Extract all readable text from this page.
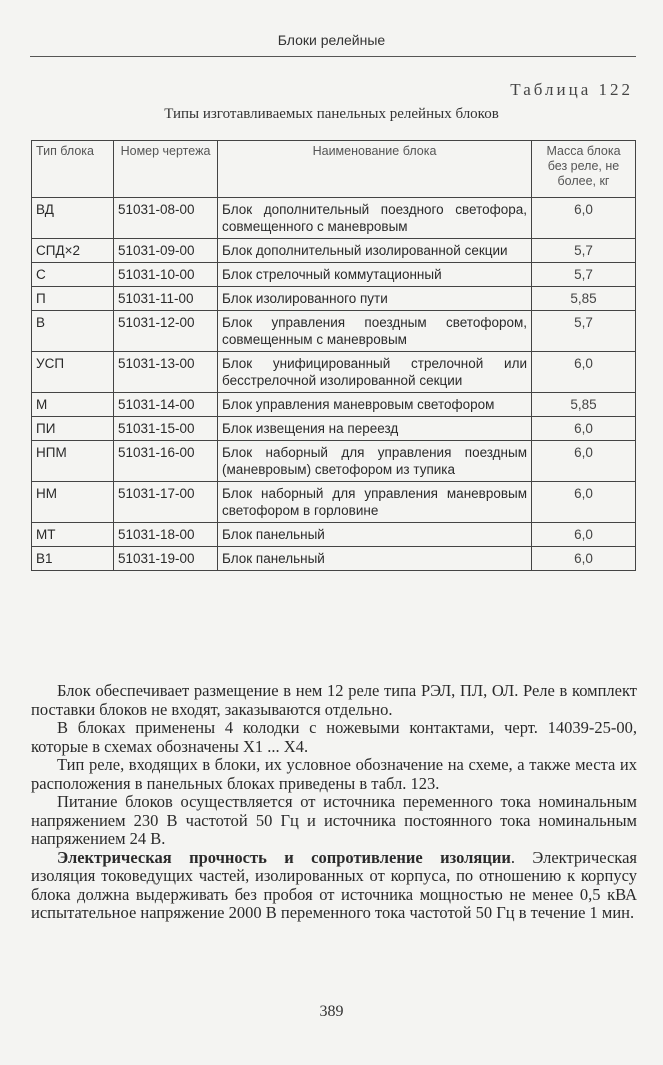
Блоки релейные
Таблица 122
Типы изготавливаемых панельных релейных блоков
Тип блока	Номер чертежа	Наименование блока	Масса блока без реле, не более, кг
ВД	51031-08-00	Блок дополнительный поездного светофора, совмещенного с маневровым	6,0
СПД×2	51031-09-00	Блок дополнительный изолированной секции	5,7
С	51031-10-00	Блок стрелочный коммутационный	5,7
П	51031-11-00	Блок изолированного пути	5,85
В	51031-12-00	Блок управления поездным светофором, совмещенным с маневровым	5,7
УСП	51031-13-00	Блок унифицированный стрелочной или бесстрелочной изолированной секции	6,0
М	51031-14-00	Блок управления маневровым светофором	5,85
ПИ	51031-15-00	Блок извещения на переезд	6,0
НПМ	51031-16-00	Блок наборный для управления поездным (маневровым) светофором из тупика	6,0
НМ	51031-17-00	Блок наборный для управления маневровым светофором в горловине	6,0
МТ	51031-18-00	Блок панельный	6,0
В1	51031-19-00	Блок панельный	6,0

Блок обеспечивает размещение в нем 12 реле типа РЭЛ, ПЛ, ОЛ. Реле в комплект поставки блоков не входят, заказываются отдельно.

В блоках применены 4 колодки с ножевыми контактами, черт. 14039-25-00, которые в схемах обозначены Х1 ... Х4.

Тип реле, входящих в блоки, их условное обозначение на схеме, а также места их расположения в панельных блоках приведены в табл. 123.

Питание блоков осуществляется от источника переменного тока номинальным напряжением 230 В частотой 50 Гц и источника постоянного тока номинальным напряжением 24 В.

Электрическая прочность и сопротивление изоляции. Электрическая изоляция токоведущих частей, изолированных от корпуса, по отношению к корпусу блока должна выдерживать без пробоя от источника мощностью не менее 0,5 кВА испытательное напряжение 2000 В переменного тока частотой 50 Гц в течение 1 мин.

389
